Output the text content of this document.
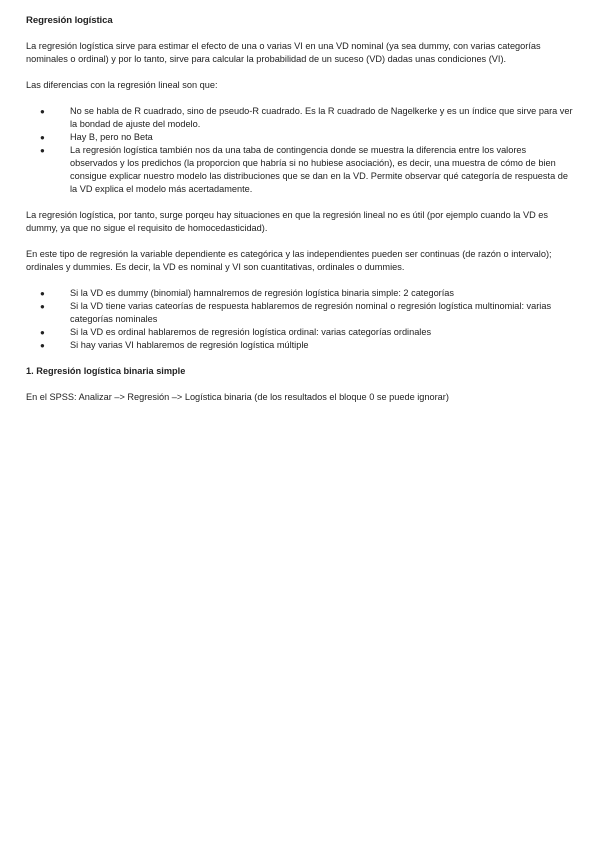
Regresión logística

La regresión logística sirve para estimar el efecto de una o varias VI en una VD nominal (ya sea dummy, con varias categorías nominales o ordinal) y por lo tanto, sirve para calcular la probabilidad de un suceso (VD) dadas unas condiciones (VI).

Las diferencias con la regresión lineal son que:

●	No se habla de R cuadrado, sino de pseudo-R cuadrado. Es la R cuadrado de Nagelkerke y es un índice que sirve para ver la bondad de ajuste del modelo.
●	Hay B, pero no Beta
●	La regresión logística también nos da una taba de contingencia donde se muestra la diferencia entre los valores observados y los predichos (la proporcion que habría si no hubiese asociación), es decir, una muestra de cómo de bien consigue explicar nuestro modelo las distribuciones que se dan en la VD. Permite observar qué categoría de respuesta de la VD explica el modelo más acertadamente.

La regresión logística, por tanto, surge porqeu hay situaciones en que la regresión lineal no es útil (por ejemplo cuando la VD es dummy, ya que no sigue el requisito de homocedasticidad).

En este tipo de regresión la variable dependiente es categórica y las independientes pueden ser continuas (de razón o intervalo); ordinales y dummies. Es decir, la VD es nominal y VI son cuantitativas, ordinales o dummies.

●	Si la VD es dummy (binomial) hamnalremos de regresión logística binaria simple: 2 categorías
●	Si la VD tiene varias cateorías de respuesta hablaremos de regresión nominal o regresión logística multinomial: varias categorías nominales
●	Si la VD es ordinal hablaremos de regresión logística ordinal: varias categorías ordinales
●	Si hay varias VI hablaremos de regresión logística múltiple
1. Regresión logística binaria simple

En el SPSS: Analizar –> Regresión –> Logística binaria (de los resultados el bloque 0 se puede ignorar)
